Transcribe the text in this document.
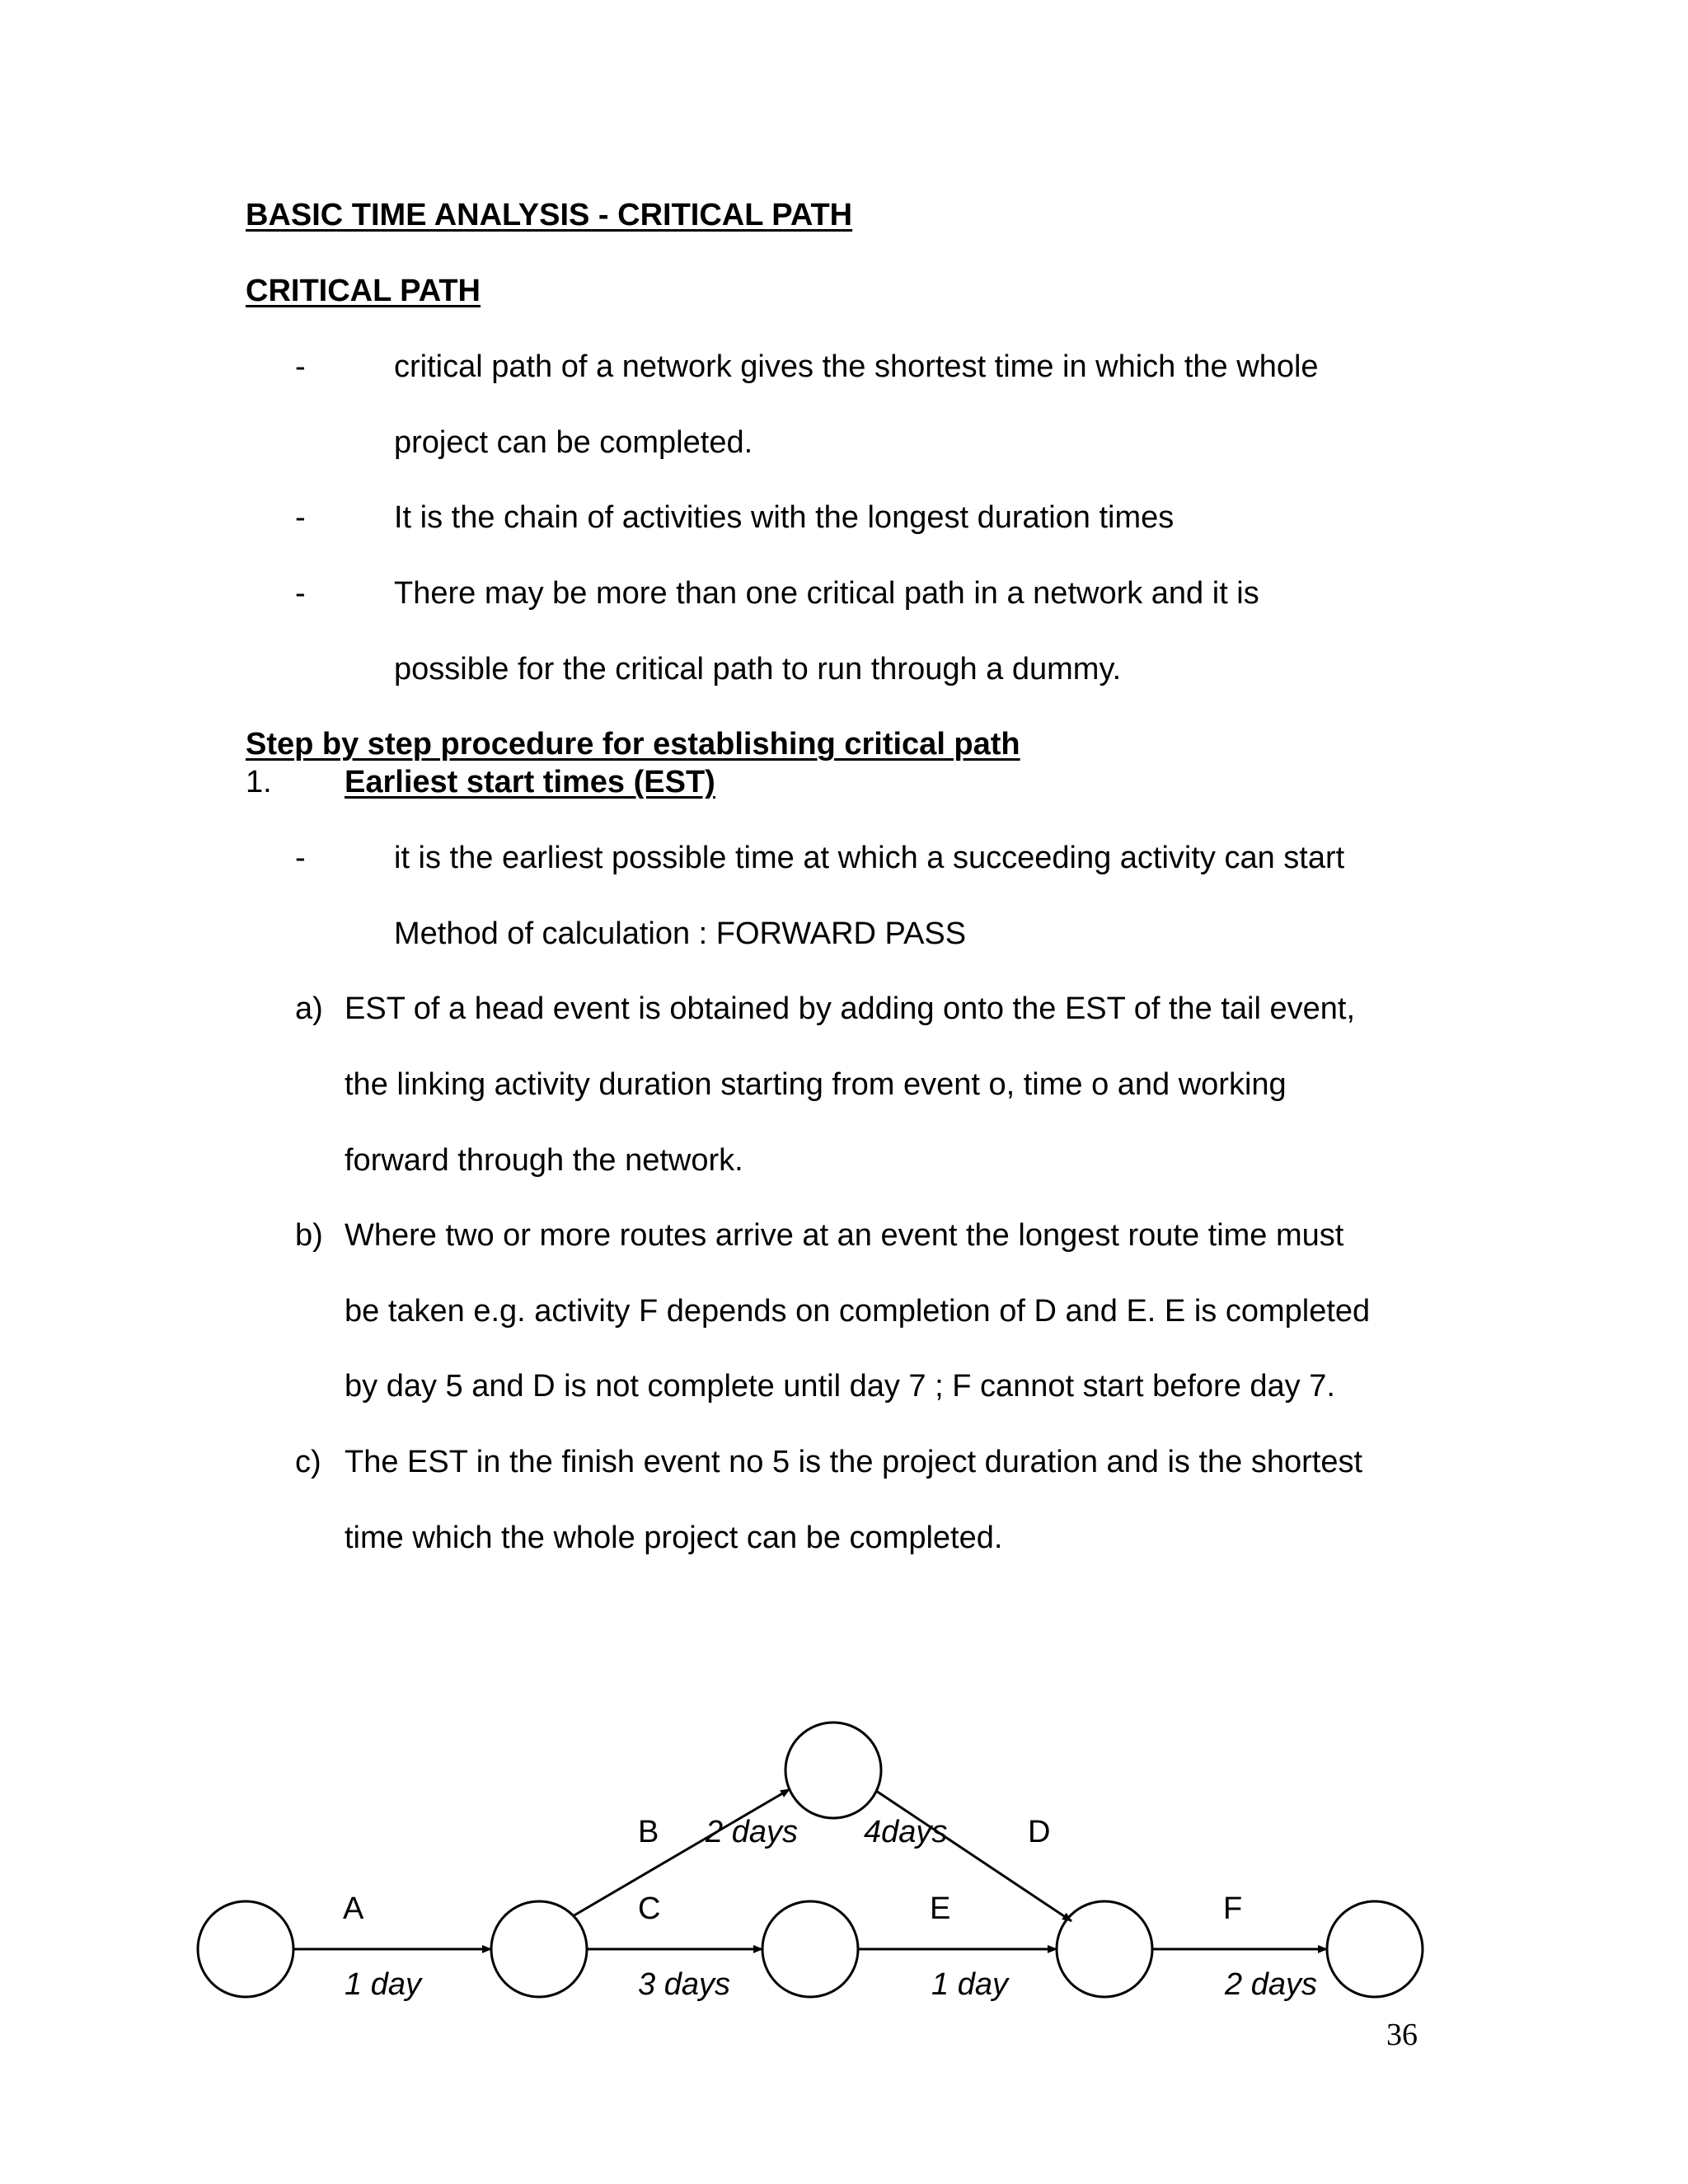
BASIC TIME ANALYSIS - CRITICAL PATH
CRITICAL PATH
-	critical path of a network gives the shortest time in which the whole
project can be completed.
-	It is the chain of activities with the longest duration times
-	There may be more than one critical path in a network and it is
possible for the critical path to run through a dummy.
Step by step procedure for establishing critical path
1. Earliest start times (EST)
-	it is the earliest possible time at which a succeeding activity can start
Method of calculation : FORWARD PASS
a) EST of a head event is obtained by adding onto the EST of the tail event,
the linking activity duration starting from event o, time o and working
forward through the network.
b) Where two or more routes arrive at an event the longest route time must
be taken e.g. activity F depends on completion of D and E. E is completed
by day 5 and D is not complete until day 7 ; F cannot start before day 7.
c) The EST in the finish event no 5 is the project duration and is the shortest
time which the whole project can be completed.
A
1 day
B 2 days
C
3 days
4days	D
E
1 day
F
2 days
36
